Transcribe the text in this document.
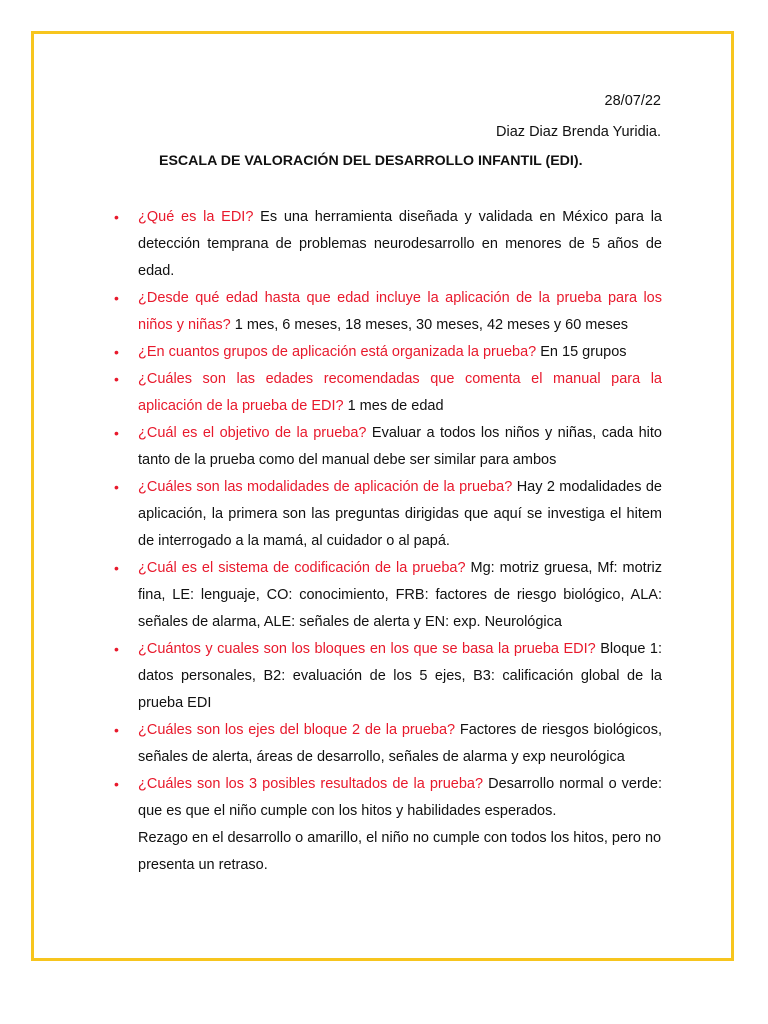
28/07/22
Diaz Diaz Brenda Yuridia.
ESCALA DE VALORACIÓN DEL DESARROLLO INFANTIL (EDI).
• ¿Qué es la EDI? Es una herramienta diseñada y validada en México para la detección temprana de problemas neurodesarrollo en menores de 5 años de edad.
• ¿Desde qué edad hasta que edad incluye la aplicación de la prueba para los niños y niñas? 1 mes, 6 meses, 18 meses, 30 meses, 42 meses y 60 meses
• ¿En cuantos grupos de aplicación está organizada la prueba? En 15 grupos
• ¿Cuáles son las edades recomendadas que comenta el manual para la aplicación de la prueba de EDI? 1 mes de edad
• ¿Cuál es el objetivo de la prueba? Evaluar a todos los niños y niñas, cada hito tanto de la prueba como del manual debe ser similar para ambos
• ¿Cuáles son las modalidades de aplicación de la prueba? Hay 2 modalidades de aplicación, la primera son las preguntas dirigidas que aquí se investiga el hitem de interrogado a la mamá, al cuidador o al papá.
• ¿Cuál es el sistema de codificación de la prueba? Mg: motriz gruesa, Mf: motriz fina, LE: lenguaje, CO: conocimiento, FRB: factores de riesgo biológico, ALA: señales de alarma, ALE: señales de alerta y EN: exp. Neurológica
• ¿Cuántos y cuales son los bloques en los que se basa la prueba EDI? Bloque 1: datos personales, B2: evaluación de los 5 ejes, B3: calificación global de la prueba EDI
• ¿Cuáles son los ejes del bloque 2 de la prueba? Factores de riesgos biológicos, señales de alerta, áreas de desarrollo, señales de alarma y exp neurológica
• ¿Cuáles son los 3 posibles resultados de la prueba? Desarrollo normal o verde: que es que el niño cumple con los hitos y habilidades esperados.
Rezago en el desarrollo o amarillo, el niño no cumple con todos los hitos, pero no presenta un retraso.
